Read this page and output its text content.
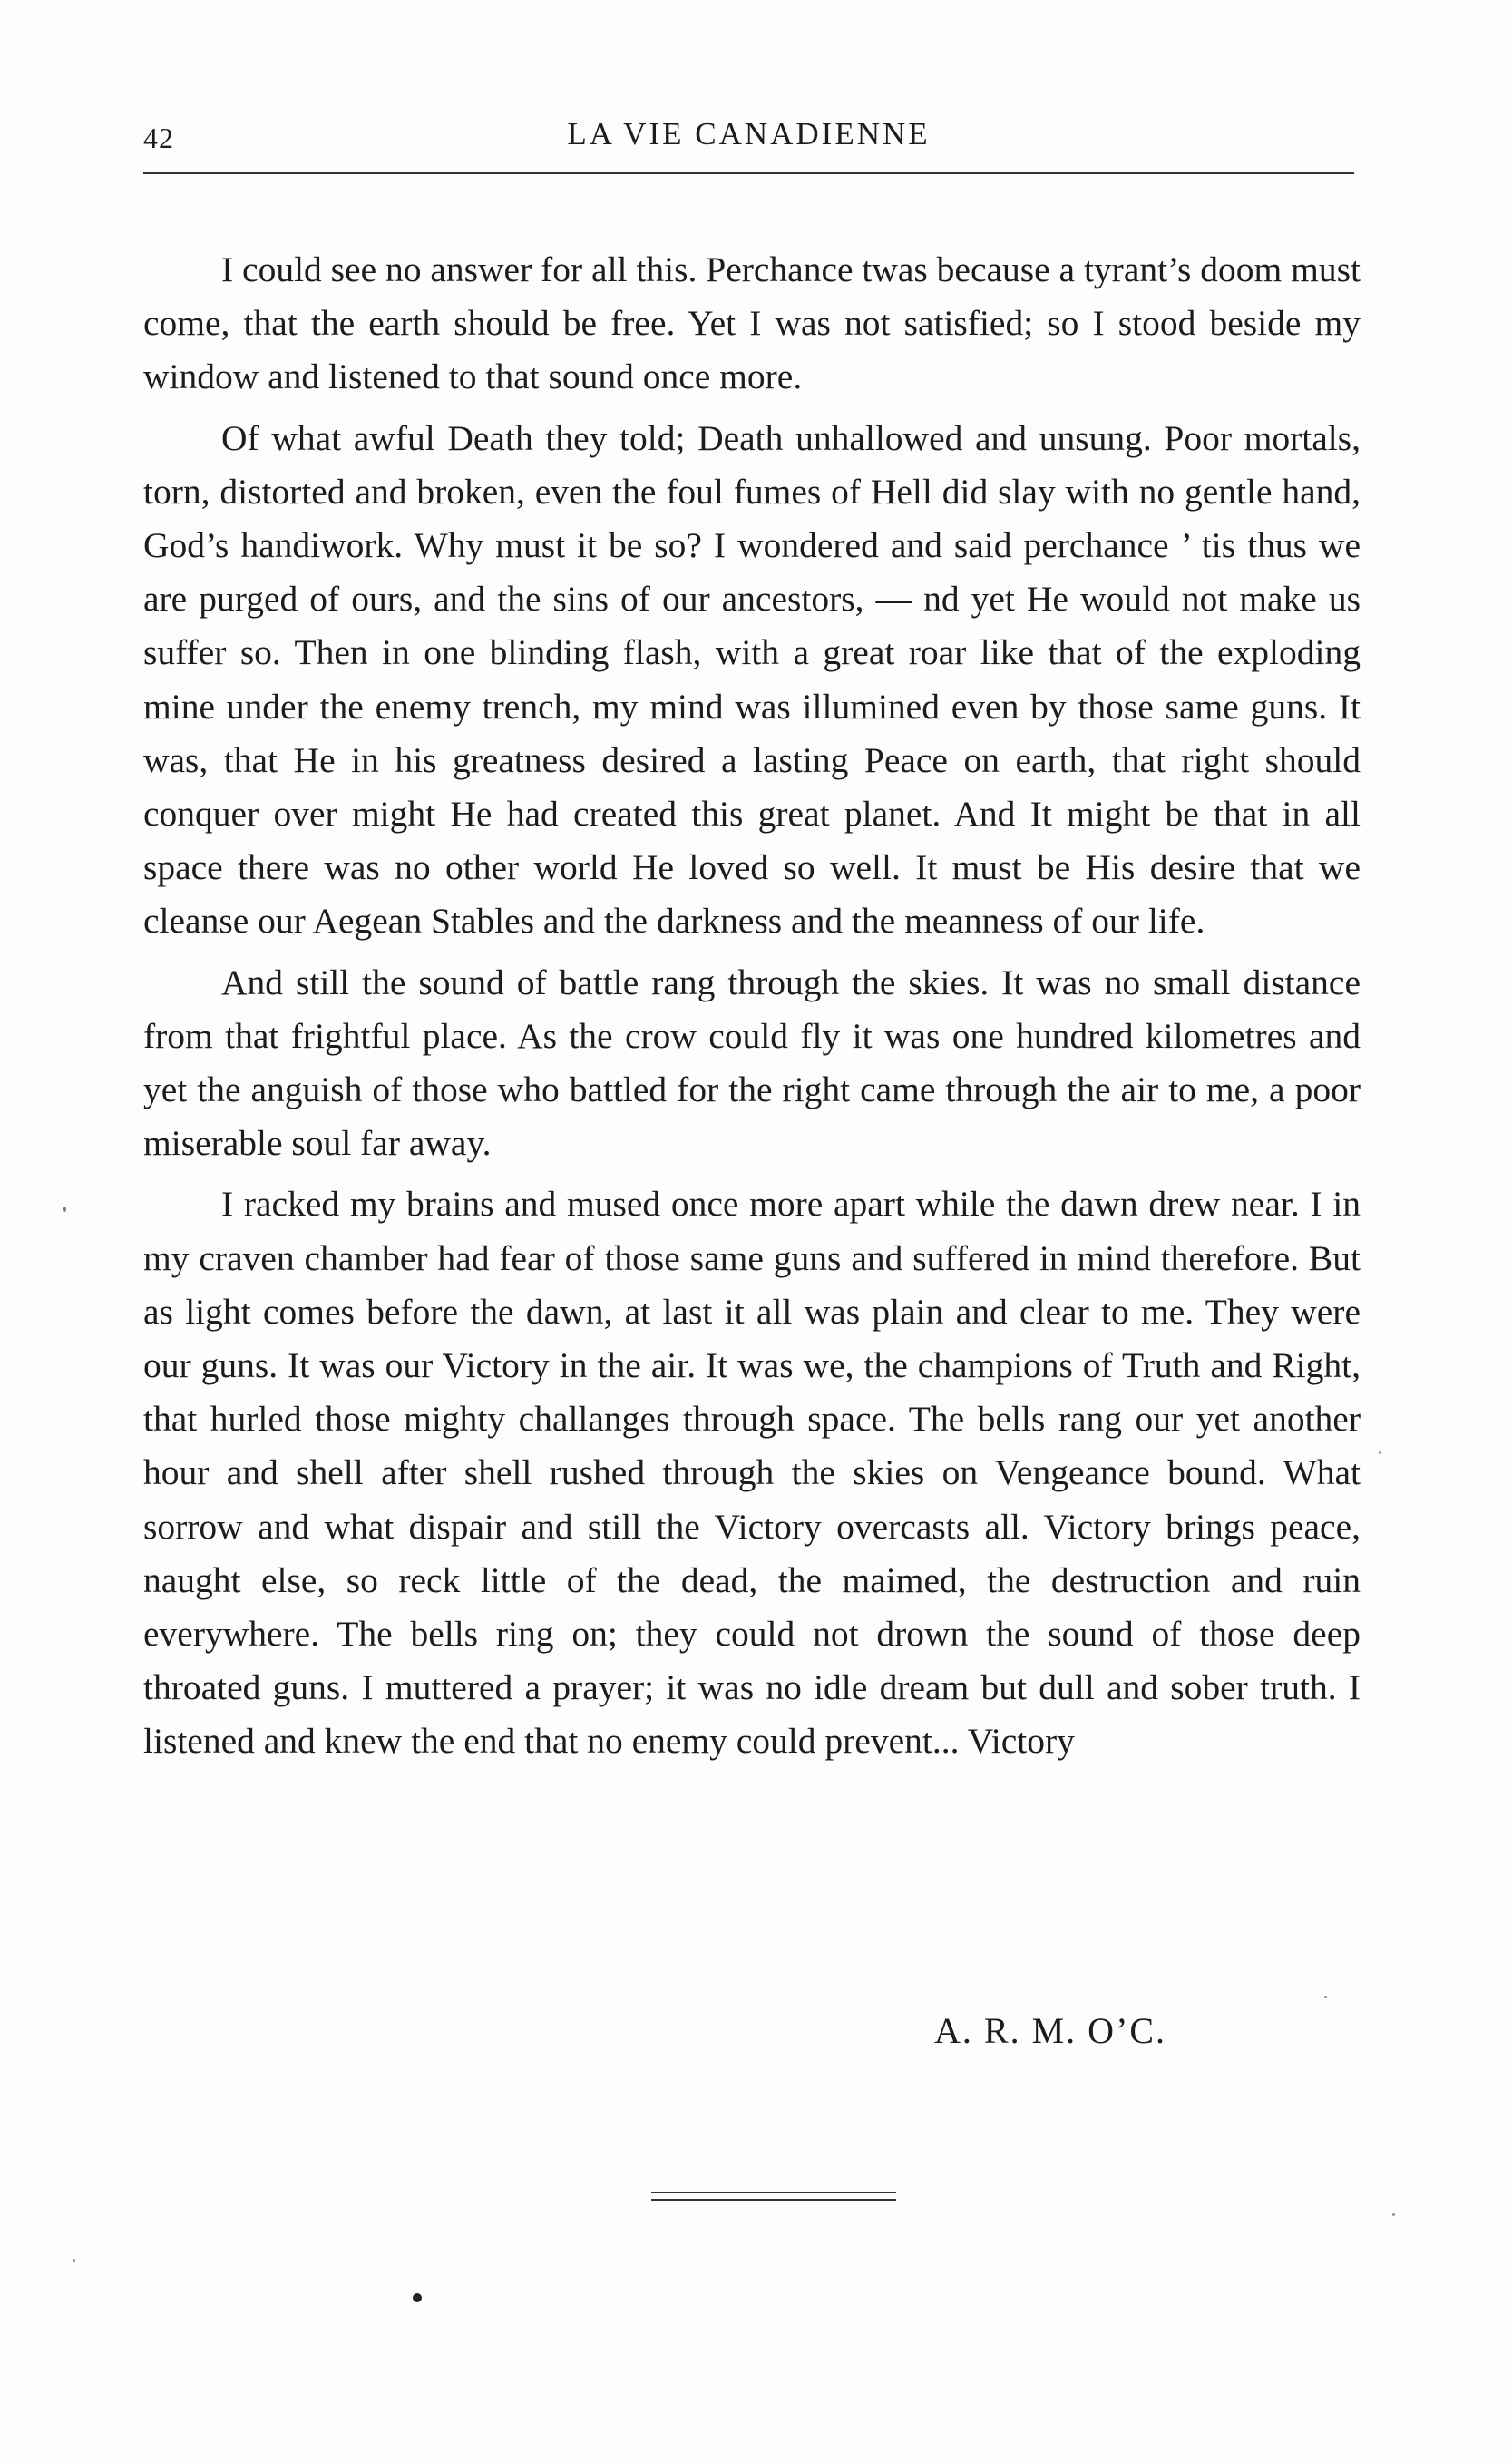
42	LA VIE CANADIENNE

I could see no answer for all this. Perchance twas because a tyrant’s doom must come, that the earth should be free. Yet I was not satisfied; so I stood beside my window and listened to that sound once more.

Of what awful Death they told; Death unhallowed and unsung. Poor mortals, torn, distorted and broken, even the foul fumes of Hell did slay with no gentle hand, God’s handiwork. Why must it be so? I wondered and said perchance ’ tis thus we are purged of ours, and the sins of our ancestors, — nd yet He would not make us suffer so. Then in one blinding flash, with a great roar like that of the exploding mine under the enemy trench, my mind was illumined even by those same guns. It was, that He in his greatness desired a lasting Peace on earth, that right should conquer over might He had created this great planet. And It might be that in all space there was no other world He loved so well. It must be His desire that we cleanse our Aegean Stables and the darkness and the meanness of our life.

And still the sound of battle rang through the skies. It was no small distance from that frightful place. As the crow could fly it was one hundred kilometres and yet the anguish of those who battled for the right came through the air to me, a poor miserable soul far away.

I racked my brains and mused once more apart while the dawn drew near. I in my craven chamber had fear of those same guns and suffered in mind therefore. But as light comes before the dawn, at last it all was plain and clear to me. They were our guns. It was our Victory in the air. It was we, the champions of Truth and Right, that hurled those mighty challanges through space. The bells rang our yet another hour and shell after shell rushed through the skies on Vengeance bound. What sorrow and what dispair and still the Victory overcasts all. Victory brings peace, naught else, so reck little of the dead, the maimed, the destruction and ruin everywhere. The bells ring on; they could not drown the sound of those deep throated guns. I muttered a prayer; it was no idle dream but dull and sober truth. I listened and knew the end that no enemy could prevent... Victory

A. R. M. O’C.
